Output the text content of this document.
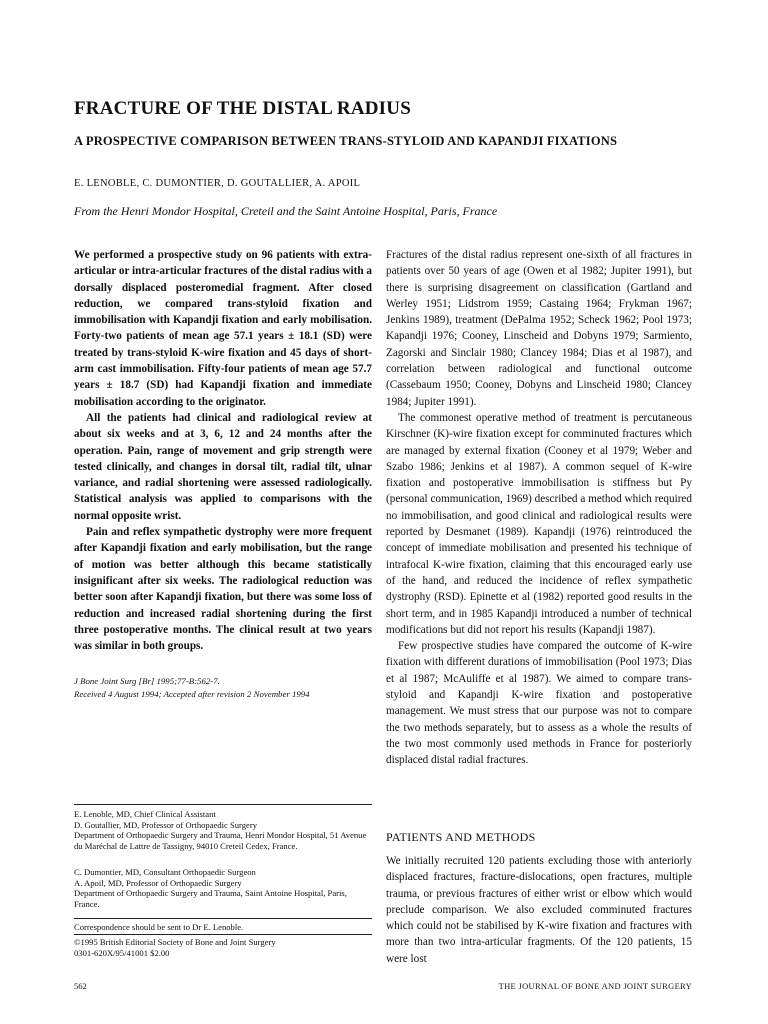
FRACTURE OF THE DISTAL RADIUS
A PROSPECTIVE COMPARISON BETWEEN TRANS-STYLOID AND KAPANDJI FIXATIONS

E. LENOBLE, C. DUMONTIER, D. GOUTALLIER, A. APOIL

From the Henri Mondor Hospital, Creteil and the Saint Antoine Hospital, Paris, France

We performed a prospective study on 96 patients with extra-articular or intra-articular fractures of the distal radius with a dorsally displaced posteromedial fragment. After closed reduction, we compared trans-styloid fixation and immobilisation with Kapandji fixation and early mobilisation. Forty-two patients of mean age 57.1 years ± 18.1 (SD) were treated by trans-styloid K-wire fixation and 45 days of short-arm cast immobilisation. Fifty-four patients of mean age 57.7 years ± 18.7 (SD) had Kapandji fixation and immediate mobilisation according to the originator.

All the patients had clinical and radiological review at about six weeks and at 3, 6, 12 and 24 months after the operation. Pain, range of movement and grip strength were tested clinically, and changes in dorsal tilt, radial tilt, ulnar variance, and radial shortening were assessed radiologically. Statistical analysis was applied to comparisons with the normal opposite wrist.

Pain and reflex sympathetic dystrophy were more frequent after Kapandji fixation and early mobilisation, but the range of motion was better although this became statistically insignificant after six weeks. The radiological reduction was better soon after Kapandji fixation, but there was some loss of reduction and increased radial shortening during the first three postoperative months. The clinical result at two years was similar in both groups.

J Bone Joint Surg [Br] 1995;77-B:562-7.
Received 4 August 1994; Accepted after revision 2 November 1994
E. Lenoble, MD, Chief Clinical Assistant
D. Goutallier, MD, Professor of Orthopaedic Surgery
Department of Orthopaedic Surgery and Trauma, Henri Mondor Hospital, 51 Avenue du Maréchal de Lattre de Tassigny, 94010 Creteil Cedex, France.
C. Dumontier, MD, Consultant Orthopaedic Surgeon
A. Apoil, MD, Professor of Orthopaedic Surgery
Department of Orthopaedic Surgery and Trauma, Saint Antoine Hospital, Paris, France.
Correspondence should be sent to Dr E. Lenoble.
©1995 British Editorial Society of Bone and Joint Surgery
0301-620X/95/41001 $2.00

Fractures of the distal radius represent one-sixth of all fractures in patients over 50 years of age (Owen et al 1982; Jupiter 1991), but there is surprising disagreement on classification (Gartland and Werley 1951; Lidstrom 1959; Castaing 1964; Frykman 1967; Jenkins 1989), treatment (DePalma 1952; Scheck 1962; Pool 1973; Kapandji 1976; Cooney, Linscheid and Dobyns 1979; Sarmiento, Zagorski and Sinclair 1980; Clancey 1984; Dias et al 1987), and correlation between radiological and functional outcome (Cassebaum 1950; Cooney, Dobyns and Linscheid 1980; Clancey 1984; Jupiter 1991).

The commonest operative method of treatment is percutaneous Kirschner (K)-wire fixation except for comminuted fractures which are managed by external fixation (Cooney et al 1979; Weber and Szabo 1986; Jenkins et al 1987). A common sequel of K-wire fixation and postoperative immobilisation is stiffness but Py (personal communication, 1969) described a method which required no immobilisation, and good clinical and radiological results were reported by Desmanet (1989). Kapandji (1976) reintroduced the concept of immediate mobilisation and presented his technique of intrafocal K-wire fixation, claiming that this encouraged early use of the hand, and reduced the incidence of reflex sympathetic dystrophy (RSD). Epinette et al (1982) reported good results in the short term, and in 1985 Kapandji introduced a number of technical modifications but did not report his results (Kapandji 1987).

Few prospective studies have compared the outcome of K-wire fixation with different durations of immobilisation (Pool 1973; Dias et al 1987; McAuliffe et al 1987). We aimed to compare trans-styloid and Kapandji K-wire fixation and postoperative management. We must stress that our purpose was not to compare the two methods separately, but to assess as a whole the results of the two most commonly used methods in France for posteriorly displaced distal radial fractures.

PATIENTS AND METHODS

We initially recruited 120 patients excluding those with anteriorly displaced fractures, fracture-dislocations, open fractures, multiple trauma, or previous fractures of either wrist or elbow which would preclude comparison. We also excluded comminuted fractures which could not be stabilised by K-wire fixation and fractures with more than two intra-articular fragments. Of the 120 patients, 15 were lost

562	THE JOURNAL OF BONE AND JOINT SURGERY
